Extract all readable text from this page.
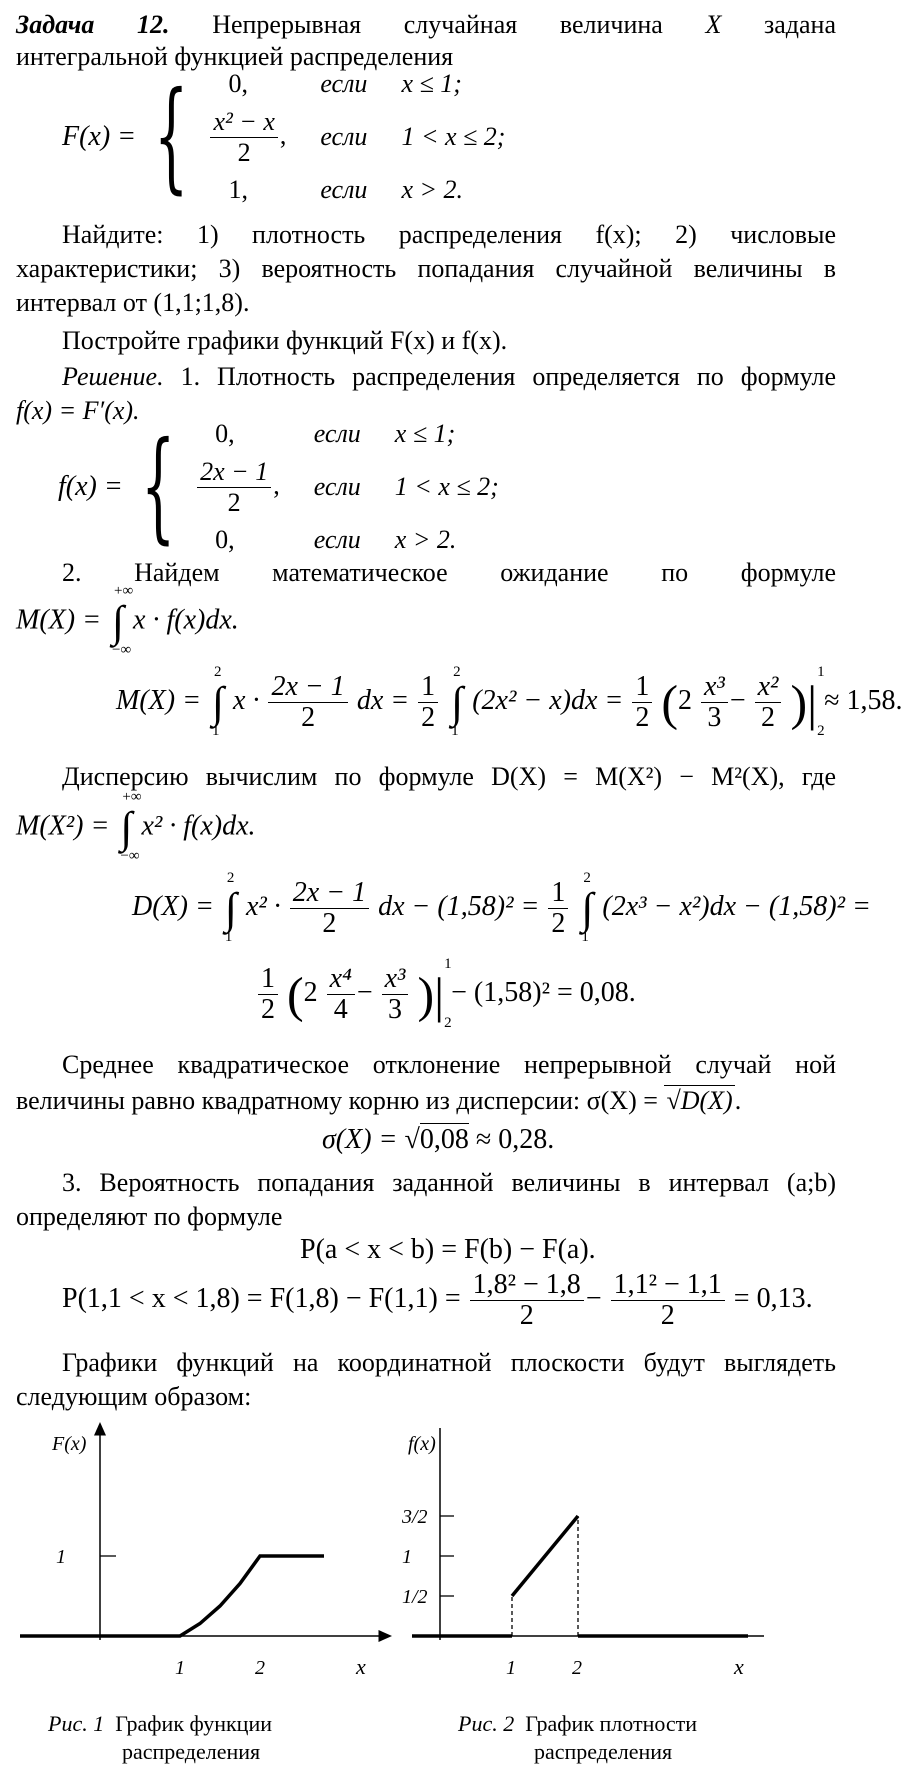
Задача 12. Непрерывная случайная величина X задана

интегральной функцией распределения

F(x) = { 0,	если	x ≤ 1;

$\frac{\text{x² − x}}{2}$ ,	если	1 < x ≤ 2;
1,	если	x > 2.

Найдите: 1) плотность распределения f(x); 2) числовые

характеристики; 3) вероятность попадания случайной величины в

интервал от (1,1;1,8).

Постройте графики функций F(x) и f(x).

Решение. 1. Плотность распределения определяется по формуле

f(x) = F′(x).

f(x) = { 0,	если	x ≤ 1;

$\frac{2x - 1}{2}$ ,	если	1 < x ≤ 2;
0,	если	x > 2.

2. Найдем математическое ожидание по формуле

M(X) = ∫
+∞
−∞
x · f(x)dx.
M(X) = ∫
2
1
$x \cdot \frac{2x - 1}{2}$ dx = $\frac{1}{2}$ ∫
2
1
$(2x^2 - x)dx = \frac{1}{2} (2 \frac{\text{x³}}{3} - \frac{\text{x²}}{2}$ )|
1
2
≈ 1,58.

Дисперсию вычислим по формуле D(X) = M(X²) − M²(X), где

M(X²) = ∫
+∞
−∞
x² · f(x)dx.
D(X) = ∫
2
1
$x^2 \cdot \frac{2x - 1}{2}$ dx − $(1,58)^2 = \frac{1}{2}$ ∫
2
1
(2x³ − x²)dx − (1,58)² =
$\frac{1}{2} (2 \frac{\text{x⁴}}{4} - \frac{\text{x³}}{3}$ )|
1
2
− (1,58)² = 0,08.

Среднее квадратическое отклонение непрерывной случай ной

величины равно квадратному корню из дисперсии: σ(X) = √D(X).

σ(X) = √0,08 ≈ 0,28.

3. Вероятность попадания заданной величины в интервал (a;b)

определяют по формуле

P(a < x < b) = F(b) − F(a).
$P(1,1 < x < 1,8) = F(1,8) - F(1,1) = \frac{\text{1,8² − 1,8}}{2} - \frac{\text{1,1² − 1,1}}{2} = 0,13$.

Графики функций на координатной плоскости будут выглядеть

следующим образом:

F(x)
x
1	2
1
Рис. 1 График функции
распределения
f(x)
x
1	2
1/2
1
3/2
Рис. 2 График плотности
распределения
